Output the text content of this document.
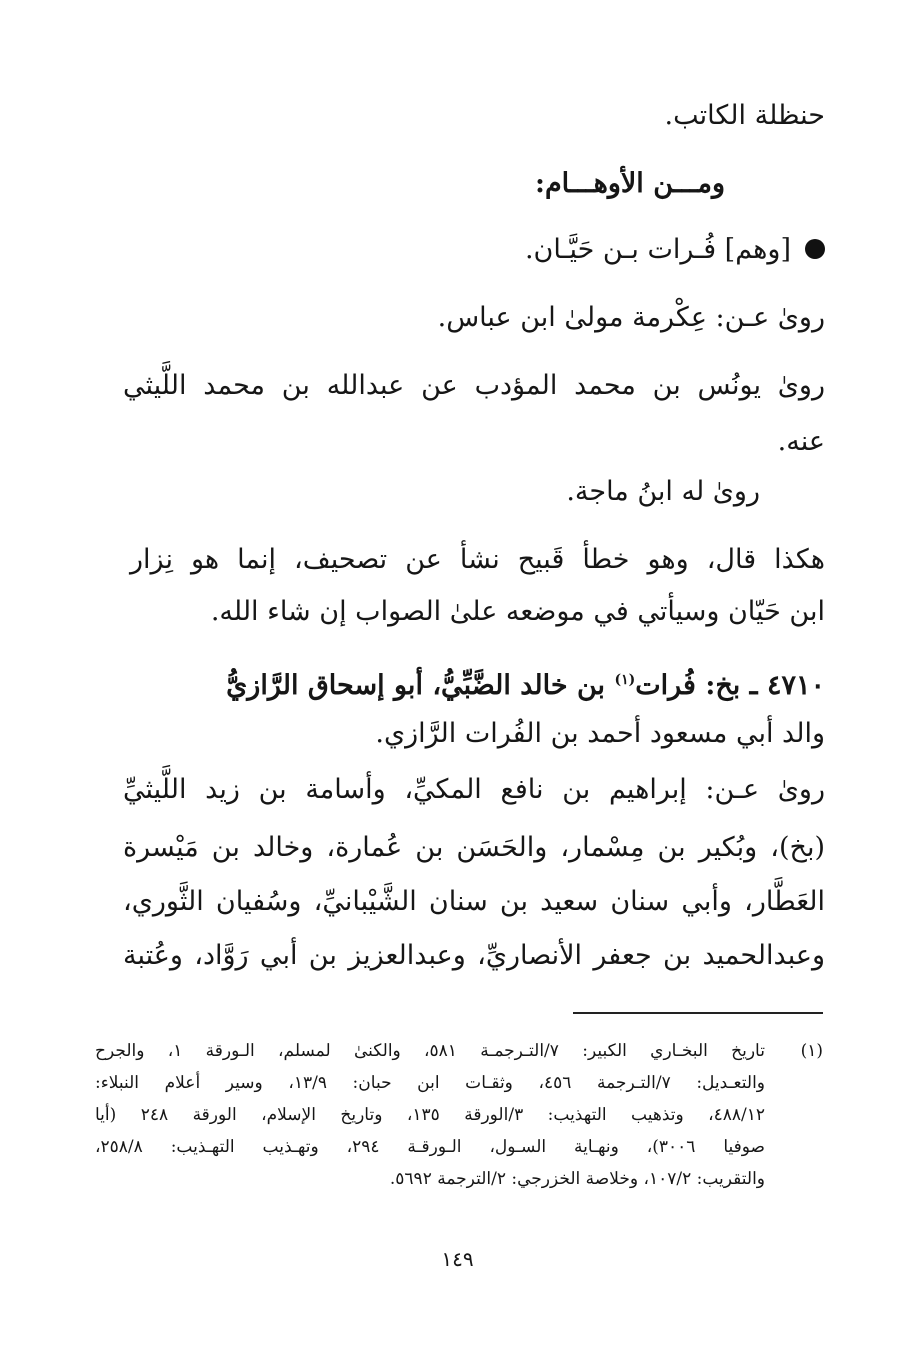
حنظلة الكاتب.
ومـــن الأوهـــام:
[وهم] فُـرات بـن حَيَّـان.
روىٰ عـن: عِكْرمة مولىٰ ابن عباس.
روىٰ يونُس بن محمد المؤدب عن عبدالله بن محمد اللَّيثي
عنه.
روىٰ له ابنُ ماجة.
هكذا قال، وهو خطأ قَبيح نشأ عن تصحيف، إنما هو نِزار
ابن حَيّان وسيأتي في موضعه علىٰ الصواب إن شاء الله.
٤٧١٠ ـ بخ: فُرات$^{(١)}$ بن خالد الضَّبِّيُّ، أبو إسحاق الرَّازيُّ
والد أبي مسعود أحمد بن الفُرات الرَّازي.
روىٰ عـن: إبراهيم بن نافع المكيِّ، وأسامة بن زيد اللَّيثيِّ
(بخ)، وبُكير بن مِسْمار، والحَسَن بن عُمارة، وخالد بن مَيْسرة
العَطَّار، وأبي سنان سعيد بن سنان الشَّيْبانيِّ، وسُفيان الثَّوري،
وعبدالحميد بن جعفر الأنصاريِّ، وعبدالعزيز بن أبي رَوَّاد، وعُتبة
(١)
تاريخ البخـاري الكبير: ٧/التـرجمـة ٥٨١، والكنىٰ لمسلم، الـورقة ١، والجرح
والتعـديل: ٧/التـرجمة ٤٥٦، وثقـات ابن حبان: ١٣/٩، وسير أعلام النبلاء:
٤٨٨/١٢، وتذهيب التهذيب: ٣/الورقة ١٣٥، وتاريخ الإسلام، الورقة ٢٤٨ (أيا
صوفيا ٣٠٠٦)، ونهـاية السـول، الـورقـة ٢٩٤، وتهـذيب التهـذيب: ٢٥٨/٨،
والتقريب: ١٠٧/٢، وخلاصة الخزرجي: ٢/الترجمة ٥٦٩٢.
١٤٩
